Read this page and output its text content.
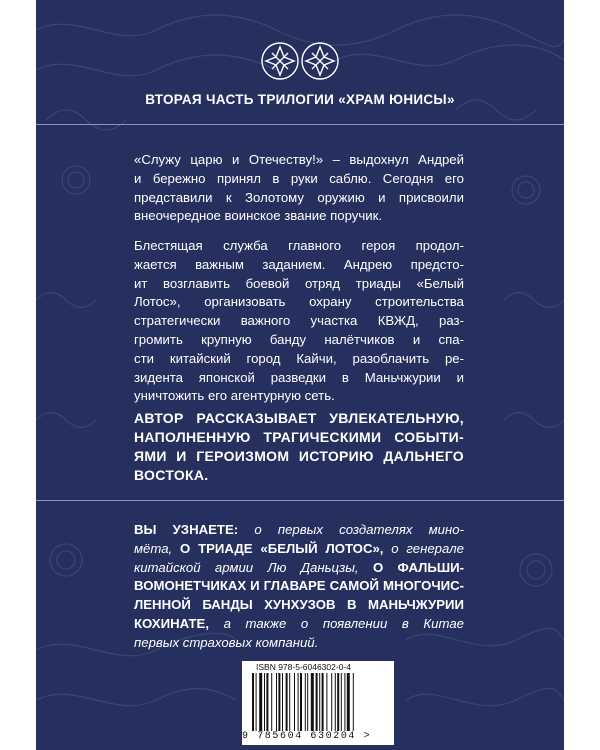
ВТОРАЯ ЧАСТЬ ТРИЛОГИИ «ХРАМ ЮНИСЫ»
«Служу царю и Отечеству!» – выдохнул Андрей
и бережно принял в руки саблю. Сегодня его
представили к Золотому оружию и присвоили
внеочередное воинское звание поручик.
Блестящая служба главного героя продол-
жается важным заданием. Андрею предсто-
ит возглавить боевой отряд триады «Белый
Лотос», организовать охрану строительства
стратегически важного участка КВЖД, раз-
громить крупную банду налётчиков и спа-
сти китайский город Кайчи, разоблачить ре-
зидента японской разведки в Маньчжурии и
уничтожить его агентурную сеть.
АВТОР РАССКАЗЫВАЕТ УВЛЕКАТЕЛЬНУЮ,
НАПОЛНЕННУЮ ТРАГИЧЕСКИМИ СОБЫТИ-
ЯМИ И ГЕРОИЗМОМ ИСТОРИЮ ДАЛЬНЕГО
ВОСТОКА.
ВЫ УЗНАЕТЕ: о первых создателях мино-
мёта, О ТРИАДЕ «БЕЛЫЙ ЛОТОС», о генерале
китайской армии Лю Даньцзы, О ФАЛЬШИ-
ВОМОНЕТЧИКАХ И ГЛАВАРЕ САМОЙ МНОГОЧИС-
ЛЕННОЙ БАНДЫ ХУНХУЗОВ В МАНЬЧЖУРИИ
КОХИНАТЕ, а также о появлении в Китае
первых страховых компаний.
ISBN 978-5-6046302-0-4
9 785604 630204 >
